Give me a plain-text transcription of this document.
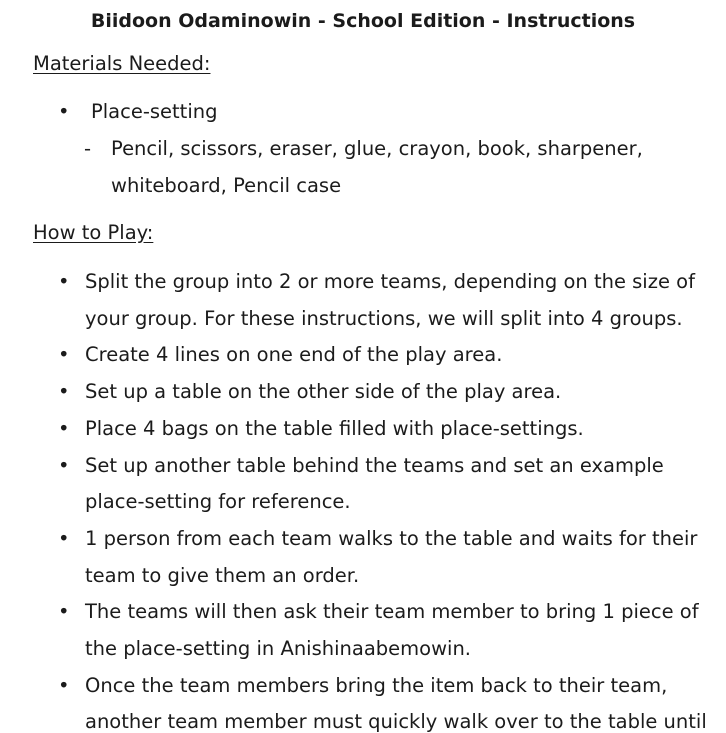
Biidoon Odaminowin - School Edition - Instructions
Materials Needed:
• Place-setting
- Pencil, scissors, eraser, glue, crayon, book, sharpener,
whiteboard, Pencil case
How to Play:
• Split the group into 2 or more teams, depending on the size of
your group. For these instructions, we will split into 4 groups.
• Create 4 lines on one end of the play area.
• Set up a table on the other side of the play area.
• Place 4 bags on the table filled with place-settings.
• Set up another table behind the teams and set an example
place-setting for reference.
• 1 person from each team walks to the table and waits for their
team to give them an order.
• The teams will then ask their team member to bring 1 piece of
the place-setting in Anishinaabemowin.
• Once the team members bring the item back to their team,
another team member must quickly walk over to the table until
